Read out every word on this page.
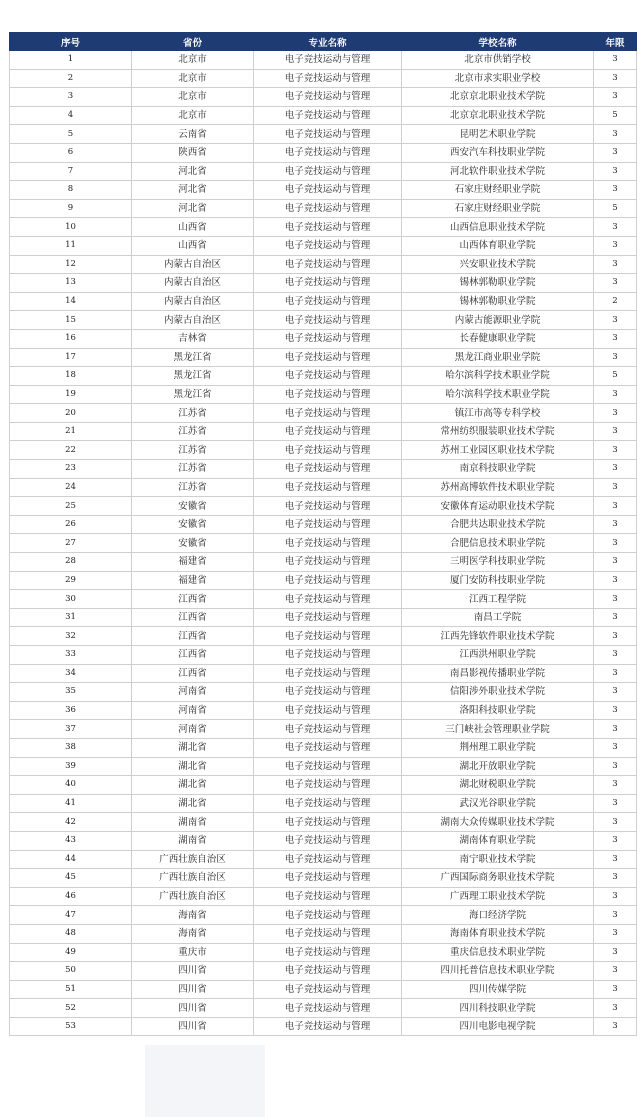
序号	省份	专业名称	学校名称	年限
1	北京市	电子竞技运动与管理	北京市供销学校	3
2	北京市	电子竞技运动与管理	北京市求实职业学校	3
3	北京市	电子竞技运动与管理	北京京北职业技术学院	3
4	北京市	电子竞技运动与管理	北京京北职业技术学院	5
5	云南省	电子竞技运动与管理	昆明艺术职业学院	3
6	陕西省	电子竞技运动与管理	西安汽车科技职业学院	3
7	河北省	电子竞技运动与管理	河北软件职业技术学院	3
8	河北省	电子竞技运动与管理	石家庄财经职业学院	3
9	河北省	电子竞技运动与管理	石家庄财经职业学院	5
10	山西省	电子竞技运动与管理	山西信息职业技术学院	3
11	山西省	电子竞技运动与管理	山西体育职业学院	3
12	内蒙古自治区	电子竞技运动与管理	兴安职业技术学院	3
13	内蒙古自治区	电子竞技运动与管理	锡林郭勒职业学院	3
14	内蒙古自治区	电子竞技运动与管理	锡林郭勒职业学院	2
15	内蒙古自治区	电子竞技运动与管理	内蒙古能源职业学院	3
16	吉林省	电子竞技运动与管理	长春健康职业学院	3
17	黑龙江省	电子竞技运动与管理	黑龙江商业职业学院	3
18	黑龙江省	电子竞技运动与管理	哈尔滨科学技术职业学院	5
19	黑龙江省	电子竞技运动与管理	哈尔滨科学技术职业学院	3
20	江苏省	电子竞技运动与管理	镇江市高等专科学校	3
21	江苏省	电子竞技运动与管理	常州纺织服装职业技术学院	3
22	江苏省	电子竞技运动与管理	苏州工业园区职业技术学院	3
23	江苏省	电子竞技运动与管理	南京科技职业学院	3
24	江苏省	电子竞技运动与管理	苏州高博软件技术职业学院	3
25	安徽省	电子竞技运动与管理	安徽体育运动职业技术学院	3
26	安徽省	电子竞技运动与管理	合肥共达职业技术学院	3
27	安徽省	电子竞技运动与管理	合肥信息技术职业学院	3
28	福建省	电子竞技运动与管理	三明医学科技职业学院	3
29	福建省	电子竞技运动与管理	厦门安防科技职业学院	3
30	江西省	电子竞技运动与管理	江西工程学院	3
31	江西省	电子竞技运动与管理	南昌工学院	3
32	江西省	电子竞技运动与管理	江西先锋软件职业技术学院	3
33	江西省	电子竞技运动与管理	江西洪州职业学院	3
34	江西省	电子竞技运动与管理	南昌影视传播职业学院	3
35	河南省	电子竞技运动与管理	信阳涉外职业技术学院	3
36	河南省	电子竞技运动与管理	洛阳科技职业学院	3
37	河南省	电子竞技运动与管理	三门峡社会管理职业学院	3
38	湖北省	电子竞技运动与管理	荆州理工职业学院	3
39	湖北省	电子竞技运动与管理	湖北开放职业学院	3
40	湖北省	电子竞技运动与管理	湖北财税职业学院	3
41	湖北省	电子竞技运动与管理	武汉光谷职业学院	3
42	湖南省	电子竞技运动与管理	湖南大众传媒职业技术学院	3
43	湖南省	电子竞技运动与管理	湖南体育职业学院	3
44	广西壮族自治区	电子竞技运动与管理	南宁职业技术学院	3
45	广西壮族自治区	电子竞技运动与管理	广西国际商务职业技术学院	3
46	广西壮族自治区	电子竞技运动与管理	广西理工职业技术学院	3
47	海南省	电子竞技运动与管理	海口经济学院	3
48	海南省	电子竞技运动与管理	海南体育职业技术学院	3
49	重庆市	电子竞技运动与管理	重庆信息技术职业学院	3
50	四川省	电子竞技运动与管理	四川托普信息技术职业学院	3
51	四川省	电子竞技运动与管理	四川传媒学院	3
52	四川省	电子竞技运动与管理	四川科技职业学院	3
53	四川省	电子竞技运动与管理	四川电影电视学院	3
